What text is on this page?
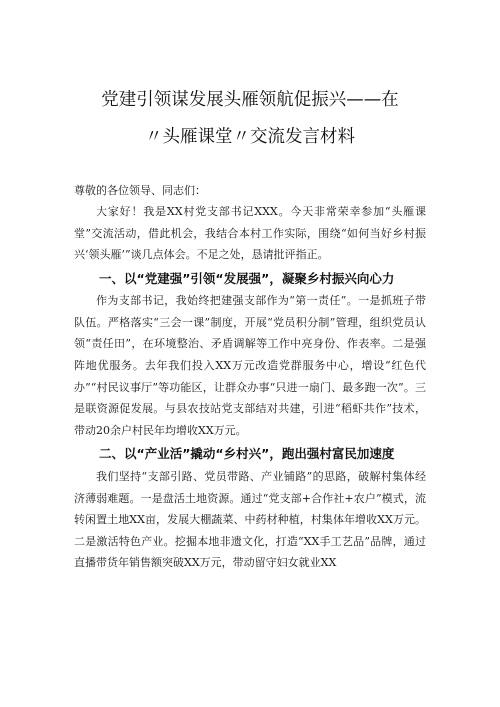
党建引领谋发展头雁领航促振兴——在
〃头雁课堂〃交流发言材料

尊敬的各位领导、同志们：

大家好！我是XX村党支部书记XXX。今天非常荣幸参加“头雁课堂”交流活动，借此机会，我结合本村工作实际，围绕“如何当好乡村振兴‘领头雁’”谈几点体会。不足之处，恳请批评指正。

一、以“党建强”引领“发展强”，凝聚乡村振兴向心力

作为支部书记，我始终把建强支部作为“第一责任”。一是抓班子带队伍。严格落实“三会一课”制度，开展“党员积分制”管理，组织党员认领“责任田”，在环境整治、矛盾调解等工作中亮身份、作表率。二是强阵地优服务。去年我们投入XX万元改造党群服务中心，增设“红色代办”“村民议事厅”等功能区，让群众办事“只进一扇门、最多跑一次”。三是联资源促发展。与县农技站党支部结对共建，引进“稻虾共作”技术，带动20余户村民年均增收XX万元。

二、以“产业活”撬动“乡村兴”，跑出强村富民加速度

我们坚持“支部引路、党员带路、产业铺路”的思路，破解村集体经济薄弱难题。一是盘活土地资源。通过“党支部+合作社+农户”模式，流转闲置土地XX亩，发展大棚蔬菜、中药材种植，村集体年增收XX万元。二是激活特色产业。挖掘本地非遗文化，打造“XX手工艺品”品牌，通过直播带货年销售额突破XX万元，带动留守妇女就业XX
